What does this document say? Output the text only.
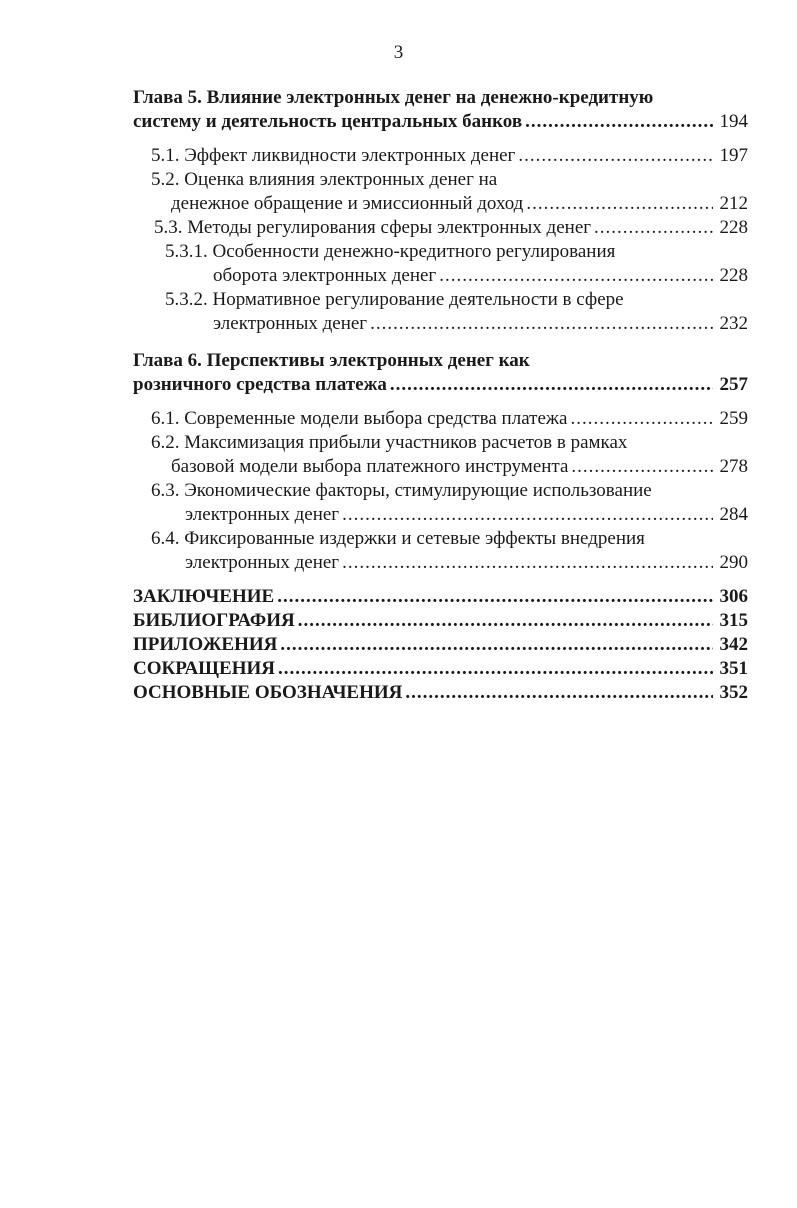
3
Глава 5. Влияние электронных денег на денежно-кредитную
систему и деятельность центральных банков .....	194
5.1. Эффект ликвидности электронных денег .....	197
5.2. Оценка влияния электронных денег на
денежное обращение и эмиссионный доход .....	212
5.3. Методы регулирования сферы электронных денег .....	228
5.3.1. Особенности денежно-кредитного регулирования
оборота электронных денег .....	228
5.3.2. Нормативное регулирование деятельности в сфере
электронных денег .....	232
Глава 6. Перспективы электронных денег как
розничного средства платежа .....	257
6.1. Современные модели выбора средства платежа .....	259
6.2. Максимизация прибыли участников расчетов в рамках
базовой модели выбора платежного инструмента .....	278
6.3. Экономические факторы, стимулирующие использование
электронных денег .....	284
6.4. Фиксированные издержки и сетевые эффекты внедрения
электронных денег .....	290
ЗАКЛЮЧЕНИЕ .....	306
БИБЛИОГРАФИЯ .....	315
ПРИЛОЖЕНИЯ .....	342
СОКРАЩЕНИЯ .....	351
ОСНОВНЫЕ ОБОЗНАЧЕНИЯ .....	352
